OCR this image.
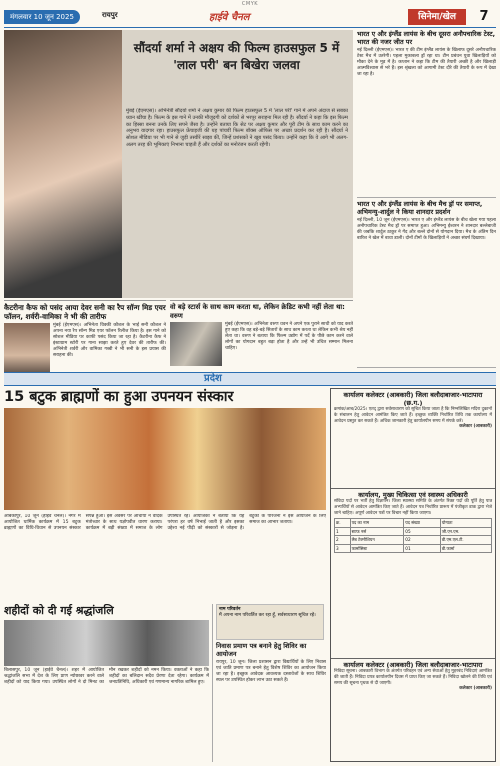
CMYK
मंगलवार 10 जून 2025	रायपुर	हाईवे चैनल	सिनेमा/खेल	7
सौंदर्या शर्मा ने अक्षय की फिल्म हाउसफुल 5 में 'लाल परी' बन बिखेरा जलवा
मुंबई (ईएमएस)। अभिनेत्री सौंदर्या शर्मा ने अक्षय कुमार की फिल्म हाउसफुल 5 में 'लाल परी' गाने में अपने अंदाज से सबका ध्यान खींचा है। फिल्म के इस गाने में उनकी मौजूदगी को दर्शकों से भरपूर सराहना मिल रही है। सौंदर्या ने कहा कि इस फिल्म का हिस्सा बनना उनके लिए सपने जैसा है। उन्होंने बताया कि सेट पर अक्षय कुमार और पूरी टीम के साथ काम करने का अनुभव यादगार रहा। हाउसफुल फ्रेंचाइजी की यह पांचवीं फिल्म बॉक्स ऑफिस पर अच्छा प्रदर्शन कर रही है। सौंदर्या ने सोशल मीडिया पर भी गाने से जुड़ी तस्वीरें साझा कीं, जिन्हें प्रशंसकों ने खूब पसंद किया। उन्होंने कहा कि वे आगे भी अलग-अलग तरह की भूमिकाएं निभाना चाहती हैं और दर्शकों का मनोरंजन करती रहेंगी।
भारत ए और इंग्लैंड लायंस के बीच दूसरा अनौपचारिक टेस्ट, भारत की नजर जीत पर

नई दिल्ली (ईएमएस)। भारत ए की टीम इंग्लैंड लायंस के खिलाफ दूसरे अनौपचारिक टेस्ट मैच में उतरेगी। पहला मुकाबला ड्रॉ रहा था। टीम प्रबंधन युवा खिलाड़ियों को मौका देने के मूड में है। कप्तान ने कहा कि टीम की तैयारी अच्छी है और खिलाड़ी आत्मविश्वास से भरे हैं। इस श्रृंखला को आगामी टेस्ट दौरे की तैयारी के रूप में देखा जा रहा है।

भारत ए और इंग्लैंड लायंस के बीच मैच ड्रॉ पर समाप्त, अभिमन्यु-शार्दुल ने किया शानदार प्रदर्शन

नई दिल्ली, 10 जून (ईएमएस)। भारत ए और इंग्लैंड लायंस के बीच खेला गया पहला अनौपचारिक टेस्ट मैच ड्रॉ पर समाप्त हुआ। अभिमन्यु ईश्वरन ने शानदार बल्लेबाजी की जबकि शार्दुल ठाकुर ने गेंद और बल्ले दोनों से योगदान दिया। मैच के अंतिम दिन बारिश ने खेल में बाधा डाली। दोनों टीमों के खिलाड़ियों ने अच्छा संघर्ष दिखाया।

कैटरीना कैफ को पसंद आया देवर सनी का रैप सॉन्ग मिड एयर फॉलन, शर्वरी-वामिका ने भी की तारीफ

मुंबई (ईएमएस)। अभिनेता विक्की कौशल के भाई सनी कौशल ने अपना नया रैप सॉन्ग मिड एयर फॉलन रिलीज किया है। इस गाने को सोशल मीडिया पर काफी पसंद किया जा रहा है। कैटरीना कैफ ने इंस्टाग्राम स्टोरी पर गाना साझा करते हुए देवर की तारीफ की। अभिनेत्री शर्वरी और वामिका गब्बी ने भी सनी के इस प्रयास की सराहना की।

वो बड़े स्टार्स के साथ काम करता था, लेकिन क्रेडिट कभी नहीं लेता था: वरुण

मुंबई (ईएमएस)। अभिनेता वरुण धवन ने अपने एक पुराने साथी को याद करते हुए कहा कि वह बड़े-बड़े सितारों के साथ काम करता था लेकिन कभी श्रेय नहीं लेता था। वरुण ने बताया कि फिल्म उद्योग में पर्दे के पीछे काम करने वाले लोगों का योगदान बहुत बड़ा होता है और उन्हें भी उचित सम्मान मिलना चाहिए।

प्रदेश
15 बटुक ब्राह्मणों का हुआ उपनयन संस्कार
अंबिकापुर, 10 जून (हाईवे चैनल)। नगर में आयोजित धार्मिक कार्यक्रम में 15 बटुक ब्राह्मणों का विधि-विधान से उपनयन संस्कार संपन्न हुआ। इस अवसर पर आचार्यों ने वैदिक मंत्रोच्चार के साथ यज्ञोपवीत धारण कराया। कार्यक्रम में बड़ी संख्या में समाज के लोग उपस्थित रहे। आयोजकों ने बताया कि यह परंपरा हर वर्ष निभाई जाती है और इसका उद्देश्य नई पीढ़ी को संस्कारों से जोड़ना है। बटुकों के परिजनों ने इस आयोजन के लिए समाज का आभार जताया।
शहीदों को दी गई श्रद्धांजलि

बिलासपुर, 10 जून (हाईवे चैनल)। शहर में आयोजित श्रद्धांजलि सभा में देश के लिए प्राण न्योछावर करने वाले शहीदों को याद किया गया। उपस्थित लोगों ने दो मिनट का मौन रखकर शहीदों को नमन किया। वक्ताओं ने कहा कि शहीदों का बलिदान सदैव प्रेरणा देता रहेगा। कार्यक्रम में जनप्रतिनिधि, अधिकारी एवं गणमान्य नागरिक शामिल हुए।

नाम परिवर्तन
मैं अपना नाम परिवर्तित कर रहा हूँ, सर्वसाधारण सूचित रहें।
निवास प्रमाण पत्र बनाने हेतु शिविर का आयोजन

रायपुर, 10 जून। जिला प्रशासन द्वारा विद्यार्थियों के लिए निवास एवं जाति प्रमाण पत्र बनाने हेतु विशेष शिविर का आयोजन किया जा रहा है। इच्छुक आवेदक आवश्यक दस्तावेजों के साथ शिविर स्थल पर उपस्थित होकर लाभ उठा सकते हैं।

कार्यालय कलेक्टर (आबकारी) जिला बलौदाबाजार-भाटापारा (छ.ग.)

क्रमांक/आब/2025। एतद् द्वारा सर्वसाधारण को सूचित किया जाता है कि निम्नलिखित मदिरा दुकानों के संचालन हेतु आवेदन आमंत्रित किए जाते हैं। इच्छुक व्यक्ति निर्धारित तिथि तक कार्यालय में आवेदन प्रस्तुत कर सकते हैं। अधिक जानकारी हेतु कार्यालयीन समय में संपर्क करें।

कलेक्टर (आबकारी)

कार्यालय, मुख्य चिकित्सा एवं स्वास्थ्य अधिकारी

संविदा पदों पर भर्ती हेतु विज्ञापन। जिला स्वास्थ्य समिति के अंतर्गत रिक्त पदों की पूर्ति हेतु पात्र अभ्यर्थियों से आवेदन आमंत्रित किए जाते हैं। आवेदन पत्र निर्धारित प्रारूप में पंजीकृत डाक द्वारा भेजे जाने चाहिए। अपूर्ण आवेदन पत्रों पर विचार नहीं किया जाएगा।

क्र.	पद का नाम	पद संख्या	योग्यता
1	स्टाफ नर्स	05	जी.एन.एम.
2	लैब टेक्नीशियन	02	डी.एम.एल.टी.
3	फार्मासिस्ट	01	डी.फार्मा
कार्यालय कलेक्टर (आबकारी) जिला बलौदाबाजार-भाटापारा

निविदा सूचना। आबकारी विभाग के अंतर्गत परिवहन एवं अन्य सेवाओं हेतु मुहरबंद निविदाएं आमंत्रित की जाती हैं। निविदा प्रपत्र कार्यालयीन दिवस में प्राप्त किए जा सकते हैं। निविदा खोलने की तिथि एवं समय की सूचना पृथक से दी जाएगी।

कलेक्टर (आबकारी)
